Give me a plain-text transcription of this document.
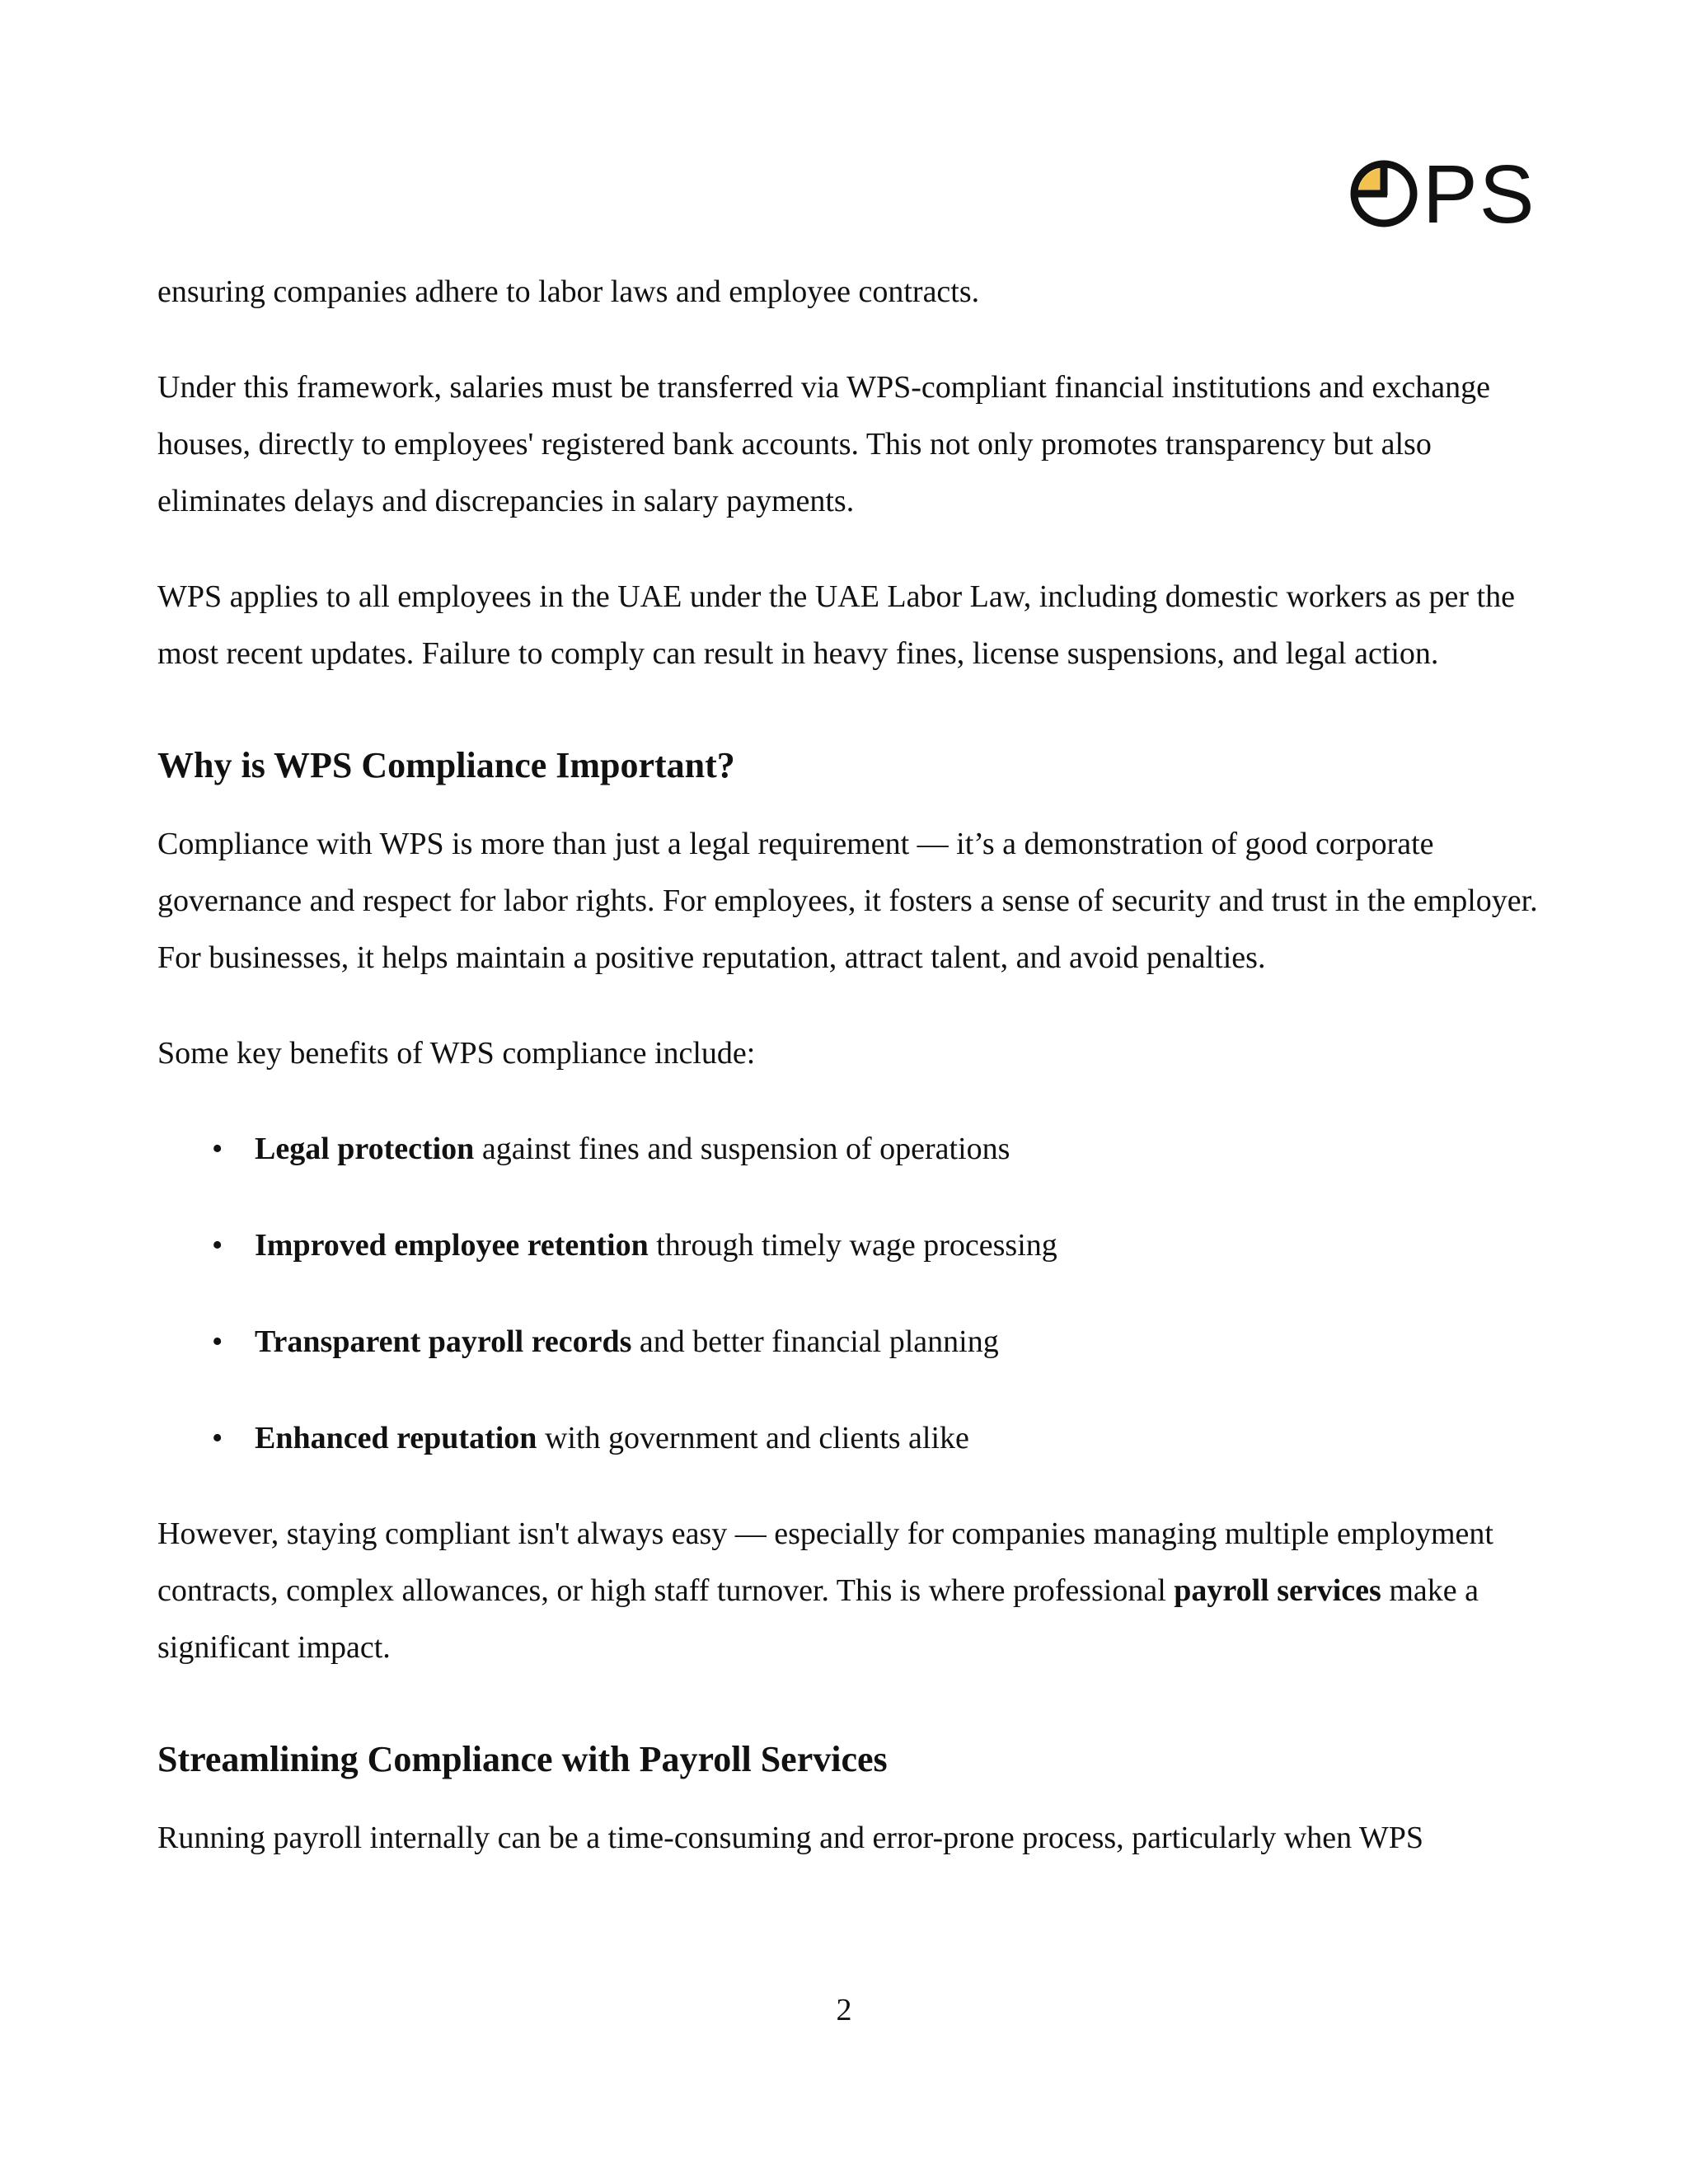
PS

ensuring companies adhere to labor laws and employee contracts.

Under this framework, salaries must be transferred via WPS-compliant financial institutions and exchange houses, directly to employees' registered bank accounts. This not only promotes transparency but also eliminates delays and discrepancies in salary payments.

WPS applies to all employees in the UAE under the UAE Labor Law, including domestic workers as per the most recent updates. Failure to comply can result in heavy fines, license suspensions, and legal action.

Why is WPS Compliance Important?

Compliance with WPS is more than just a legal requirement — it’s a demonstration of good corporate governance and respect for labor rights. For employees, it fosters a sense of security and trust in the employer. For businesses, it helps maintain a positive reputation, attract talent, and avoid penalties.

Some key benefits of WPS compliance include:

• Legal protection against fines and suspension of operations
• Improved employee retention through timely wage processing
• Transparent payroll records and better financial planning
• Enhanced reputation with government and clients alike

However, staying compliant isn't always easy — especially for companies managing multiple employment contracts, complex allowances, or high staff turnover. This is where professional payroll services make a significant impact.

Streamlining Compliance with Payroll Services

Running payroll internally can be a time-consuming and error-prone process, particularly when WPS

2
